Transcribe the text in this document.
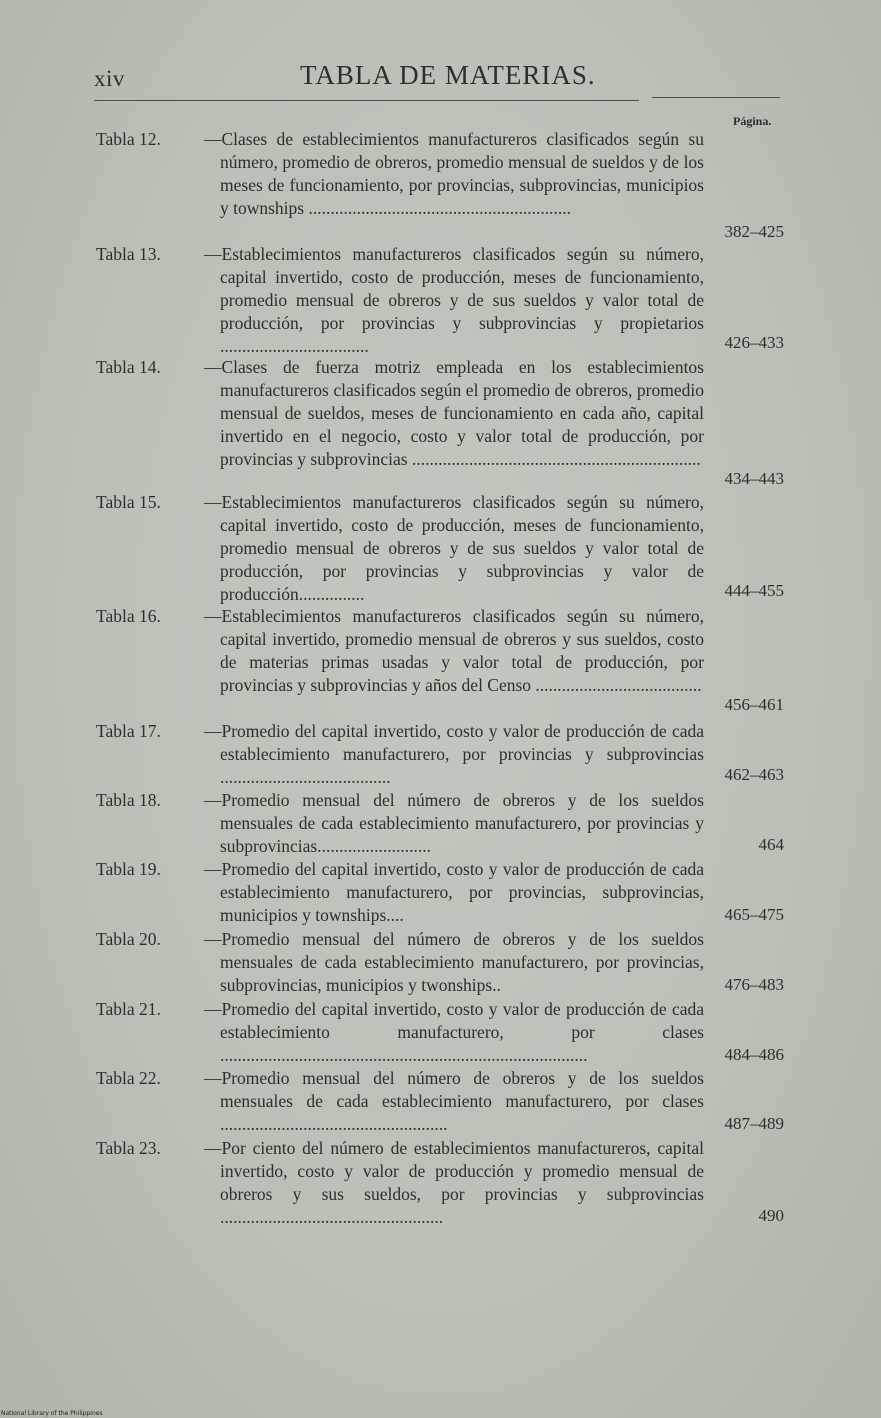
xiv	TABLA DE MATERIAS.
Página.
Tabla 12. —Clases de establecimientos manufactureros clasificados según su número, promedio de obreros, promedio mensual de sueldos y de los meses de funcionamiento, por provincias, subprovincias, municipios y townships ............................................................
382–425
Tabla 13. —Establecimientos manufactureros clasificados según su número, capital invertido, costo de producción, meses de funcionamiento, promedio mensual de obreros y de sus sueldos y valor total de producción, por provincias y subprovincias y propietarios ..................................	426–433
Tabla 14. —Clases de fuerza motriz empleada en los establecimientos manufactureros clasificados según el promedio de obreros, promedio mensual de sueldos, meses de funcionamiento en cada año, capital invertido en el negocio, costo y valor total de producción, por provincias y subprovincias ..................................................................
434–443
Tabla 15. —Establecimientos manufactureros clasificados según su número, capital invertido, costo de producción, meses de funcionamiento, promedio mensual de obreros y de sus sueldos y valor total de producción, por provincias y subprovincias y valor de producción...............	444–455
Tabla 16. —Establecimientos manufactureros clasificados según su número, capital invertido, promedio mensual de obreros y sus sueldos, costo de materias primas usadas y valor total de producción, por provincias y subprovincias y años del Censo ......................................
456–461
Tabla 17. —Promedio del capital invertido, costo y valor de producción de cada establecimiento manufacturero, por provincias y subprovincias .......................................	462–463
Tabla 18. —Promedio mensual del número de obreros y de los sueldos mensuales de cada establecimiento manufacturero, por provincias y subprovincias..........................	464
Tabla 19. —Promedio del capital invertido, costo y valor de producción de cada establecimiento manufacturero, por provincias, subprovincias, municipios y townships....	465–475
Tabla 20. —Promedio mensual del número de obreros y de los sueldos mensuales de cada establecimiento manufacturero, por provincias, subprovincias, municipios y twonships..	476–483
Tabla 21. —Promedio del capital invertido, costo y valor de producción de cada establecimiento manufacturero, por clases ....................................................................................	484–486
Tabla 22. —Promedio mensual del número de obreros y de los sueldos mensuales de cada establecimiento manufacturero, por clases ....................................................	487–489
Tabla 23. —Por ciento del número de establecimientos manufactureros, capital invertido, costo y valor de producción y promedio mensual de obreros y sus sueldos, por provincias y subprovincias ...................................................	490
National Library of the Philippines
